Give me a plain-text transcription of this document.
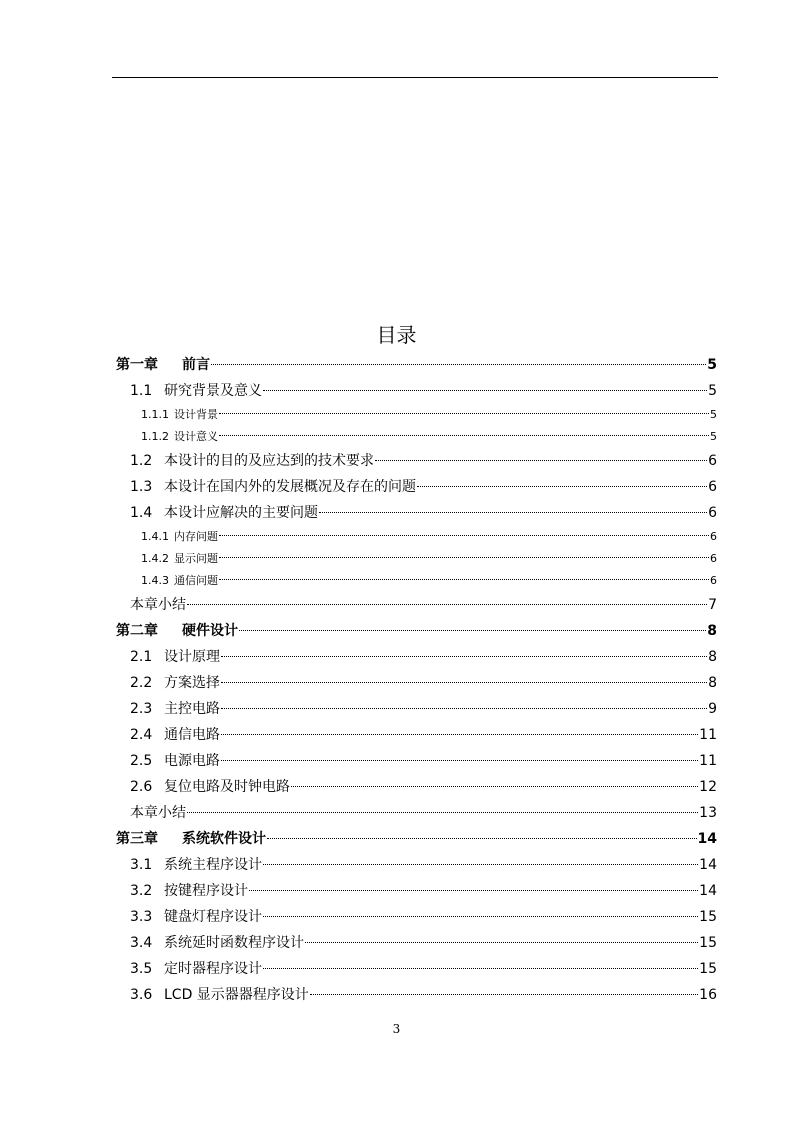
目录
第一章	前言	5
1.1 研究背景及意义	5
1.1.1 设计背景	5
1.1.2 设计意义	5
1.2 本设计的目的及应达到的技术要求	6
1.3 本设计在国内外的发展概况及存在的问题	6
1.4 本设计应解决的主要问题	6
1.4.1 内存问题	6
1.4.2 显示问题	6
1.4.3 通信问题	6
本章小结	7
第二章	硬件设计	8
2.1 设计原理	8
2.2 方案选择	8
2.3 主控电路	9
2.4 通信电路	11
2.5 电源电路	11
2.6 复位电路及时钟电路	12
本章小结	13
第三章	系统软件设计	14
3.1 系统主程序设计	14
3.2 按键程序设计	14
3.3 键盘灯程序设计	15
3.4 系统延时函数程序设计	15
3.5 定时器程序设计	15
3.6 LCD 显示器器程序设计	16
3
